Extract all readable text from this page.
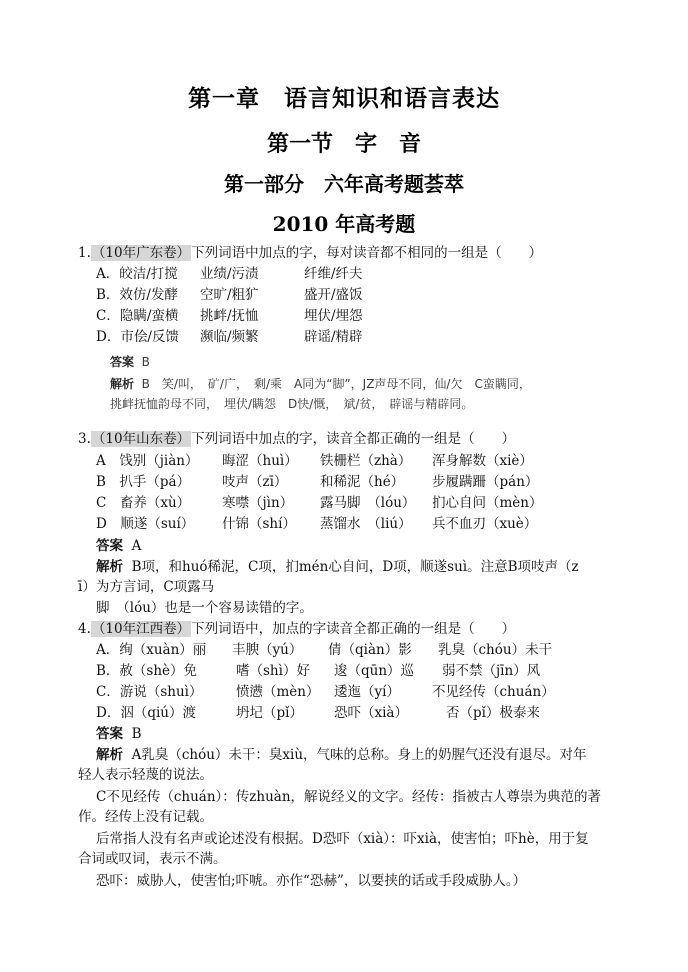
第一章　语言知识和语言表达
第一节　字　音
第一部分　六年高考题荟萃
2010 年高考题
1.（10年广东卷）下列词语中加点的字，每对读音都不相同的一组是（　　）
A．皎洁/打搅 业绩/污渍	纤维/纤夫
B．效仿/发酵 空旷/粗犷	盛开/盛饭
C．隐瞒/蛮横 挑衅/抚恤	埋伏/埋怨
D．市侩/反馈 濒临/频繁	辟谣/精辟
答案 B
解析 B　笑/叫，　矿/广，　剩/乘　A同为“脚”，JZ声母不同，仙/欠　C蛮瞒同，
挑衅抚恤韵母不同，　埋伏/瞒怨　D快/慨，　斌/贫，　辟谣与精辟同。
3.（10年山东卷）下列词语中加点的字，读音全都正确的一组是（　　）
A　饯别（jiàn） 晦涩（huì） 铁栅栏（zhà） 浑身解数（xiè）
B　扒手（pá） 吱声（zī） 和稀泥（hé） 步履蹒跚（pán）
C　畜养（xù） 寒噤（jìn） 露马脚　（lóu） 扪心自问（mèn）
D　顺遂（suí） 什锦（shí） 蒸馏水　（liú） 兵不血刃（xuè）
答案 A
解析 B项，和huó稀泥，C项，扪mén心自问，D项，顺遂suì。注意B项吱声（z
ī）为方言词，C项露马
脚　（lóu）也是一个容易读错的字。
4.（10年江西卷）下列词语中，加点的字读音全都正确的一组是（　　）
A．绚（xuàn）丽 丰腴（yú） 倩（qiàn）影 乳臭（chóu）未干
B．赦（shè）免	嗜（shì）好 逡（qūn）巡 弱不禁（jīn）风
C．游说（shuì） 愤懑（mèn） 逶迤（yí） 不见经传（chuán）
D．泅（qiú）渡	坍圮（pǐ） 恐吓（xià）	否（pǐ）极泰来
答案 B
解析 A乳臭（chóu）未干：臭xiù，气味的总称。身上的奶腥气还没有退尽。对年
轻人表示轻蔑的说法。
C不见经传（chuán）：传zhuàn，解说经义的文字。经传：指被古人尊崇为典范的著
作。经传上没有记载。
后常指人没有名声或论述没有根据。D恐吓（xià）：吓xià，使害怕；吓hè，用于复
合词或叹词，表示不满。
恐吓：威胁人，使害怕;吓唬。亦作“恐赫”，以要挟的话或手段威胁人。）
